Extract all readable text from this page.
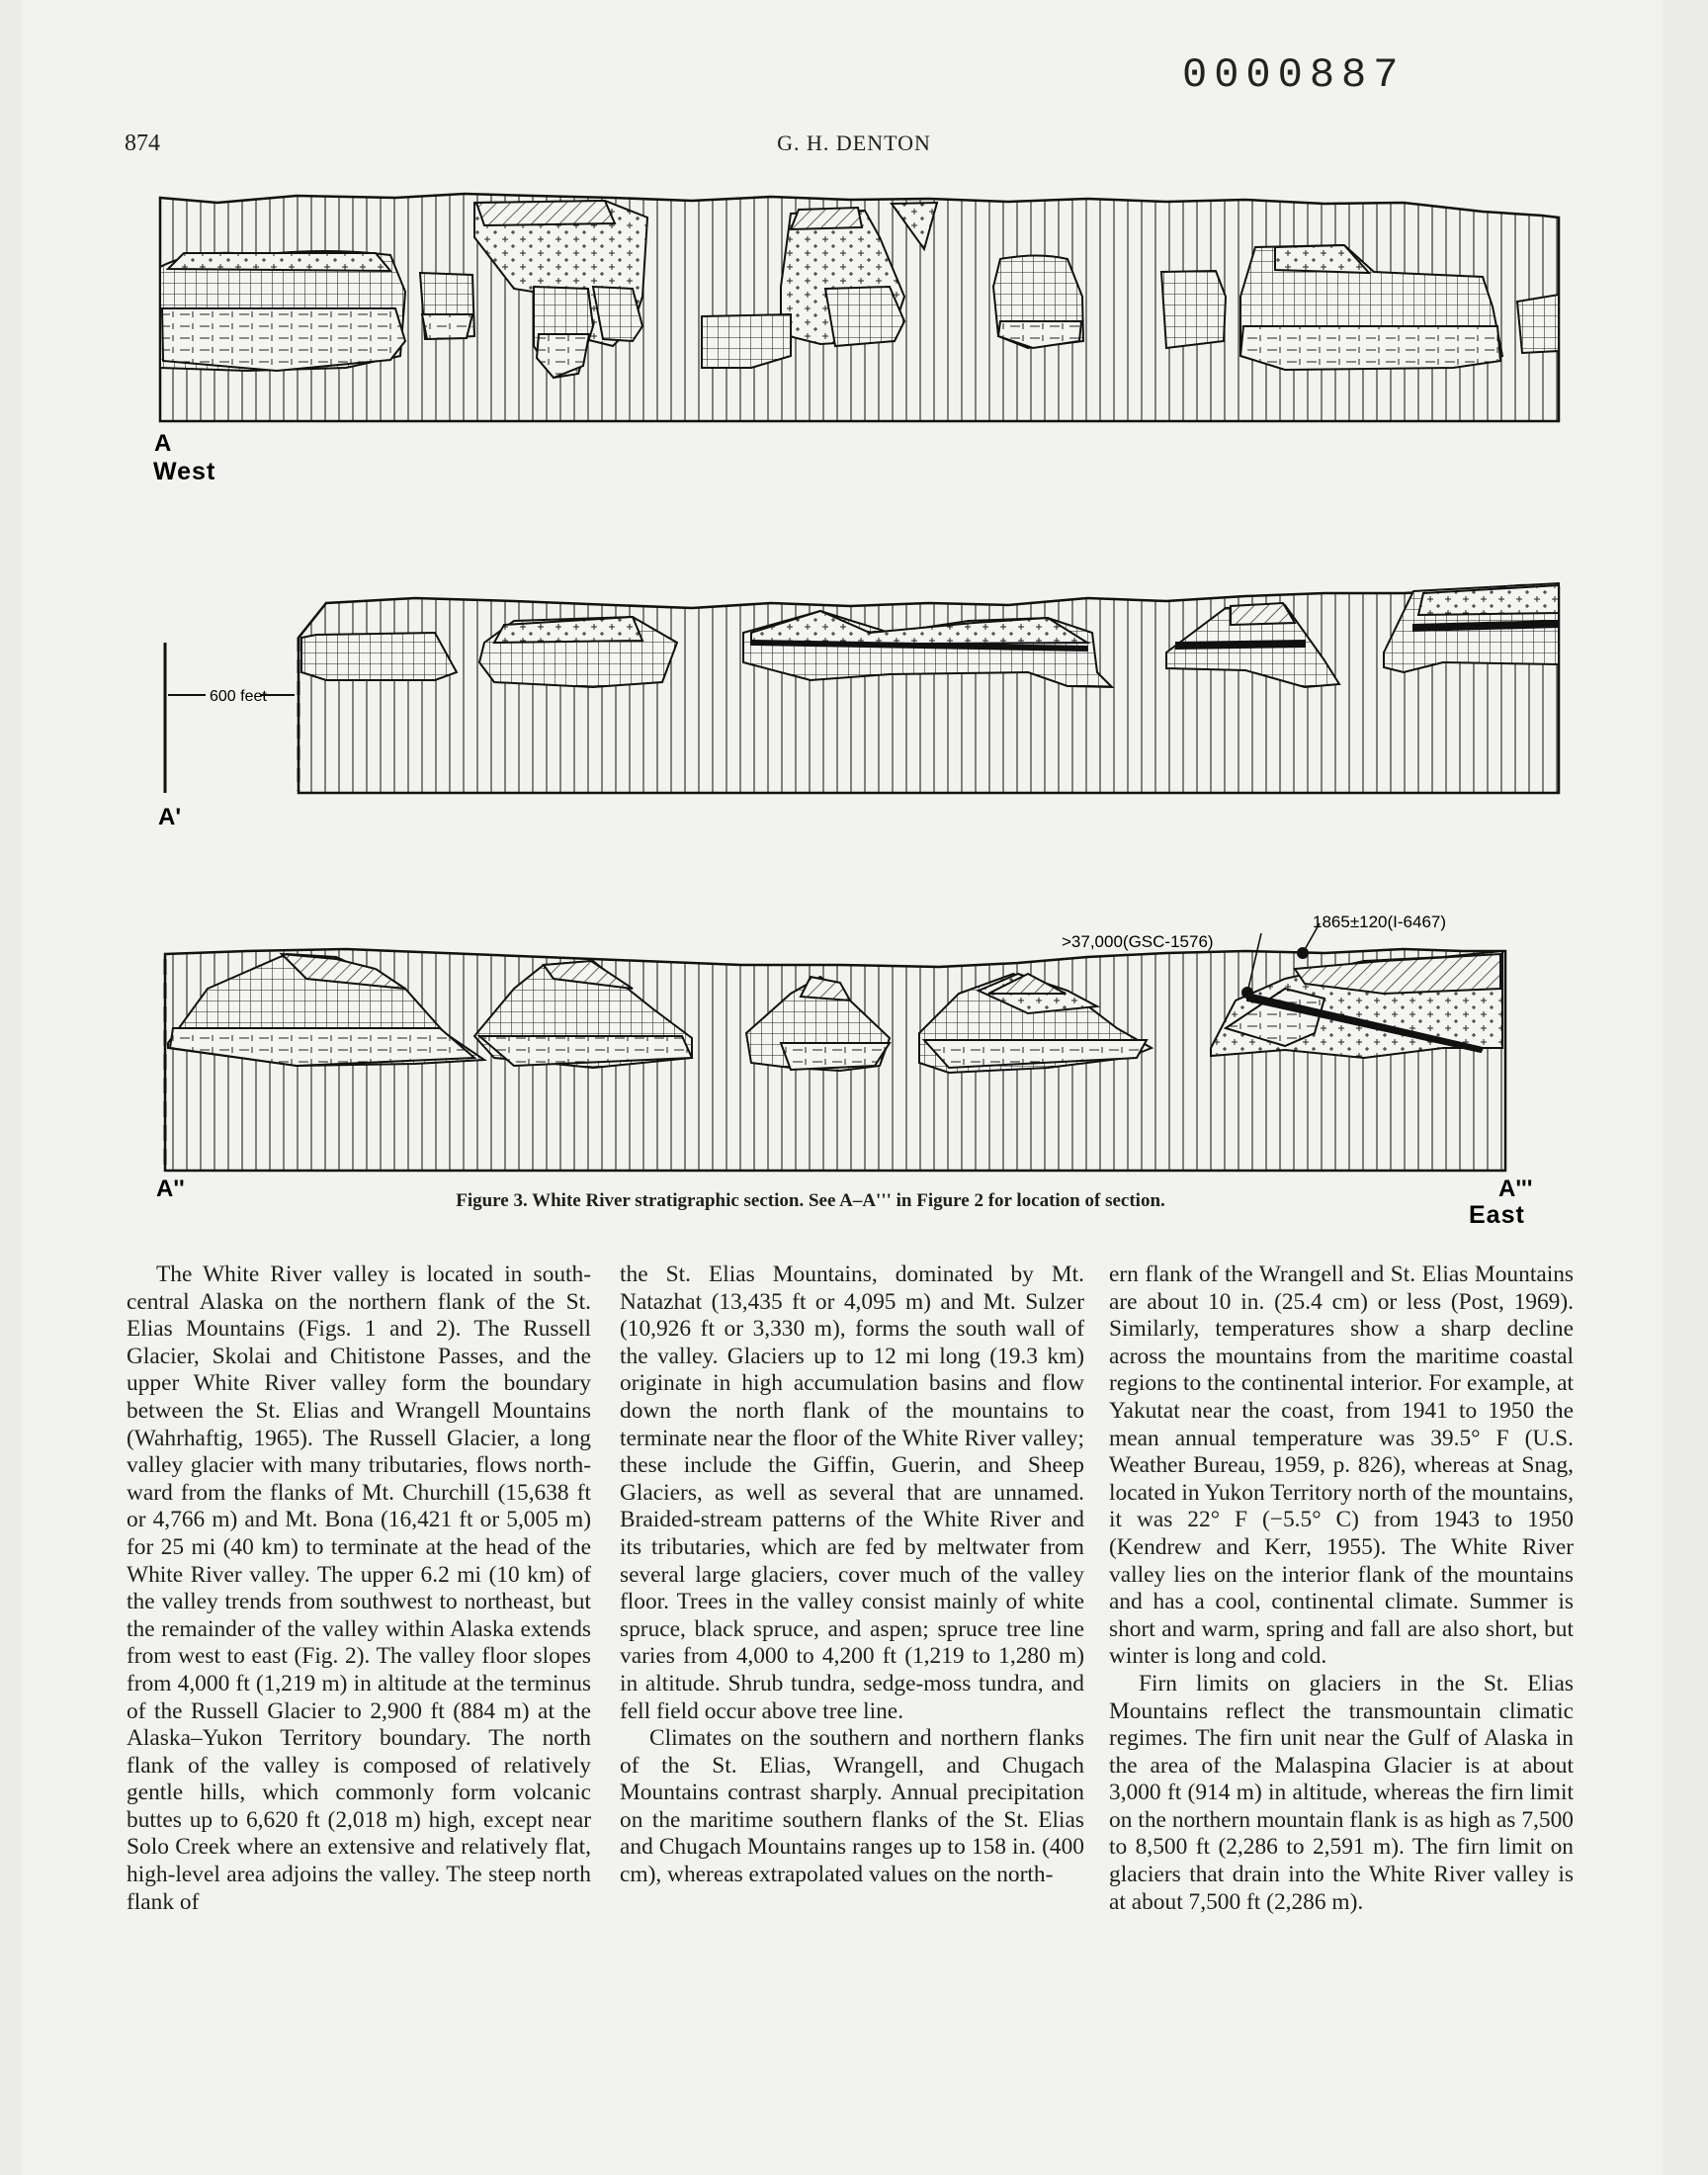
0000887
874	G. H. DENTON
A
West
600 feet
A'
>37,000(GSC-1576)
1865±120(I-6467)
A''	A'''
East
Figure 3. White River stratigraphic section. See A–A''' in Figure 2 for location of section.

The White River valley is located in south-central Alaska on the northern flank of the St. Elias Mountains (Figs. 1 and 2). The Russell Glacier, Skolai and Chitistone Passes, and the upper White River valley form the boundary between the St. Elias and Wrangell Mountains (Wahrhaftig, 1965). The Russell Glacier, a long valley glacier with many tributaries, flows northward from the flanks of Mt. Churchill (15,638 ft or 4,766 m) and Mt. Bona (16,421 ft or 5,005 m) for 25 mi (40 km) to terminate at the head of the White River valley. The upper 6.2 mi (10 km) of the valley trends from southwest to northeast, but the remainder of the valley within Alaska extends from west to east (Fig. 2). The valley floor slopes from 4,000 ft (1,219 m) in altitude at the terminus of the Russell Glacier to 2,900 ft (884 m) at the Alaska–Yukon Territory boundary. The north flank of the valley is composed of relatively gentle hills, which commonly form volcanic buttes up to 6,620 ft (2,018 m) high, except near Solo Creek where an extensive and relatively flat, high-level area adjoins the valley. The steep north flank of

the St. Elias Mountains, dominated by Mt. Natazhat (13,435 ft or 4,095 m) and Mt. Sulzer (10,926 ft or 3,330 m), forms the south wall of the valley. Glaciers up to 12 mi long (19.3 km) originate in high accumulation basins and flow down the north flank of the mountains to terminate near the floor of the White River valley; these include the Giffin, Guerin, and Sheep Glaciers, as well as several that are unnamed. Braided-stream patterns of the White River and its tributaries, which are fed by meltwater from several large glaciers, cover much of the valley floor. Trees in the valley consist mainly of white spruce, black spruce, and aspen; spruce tree line varies from 4,000 to 4,200 ft (1,219 to 1,280 m) in altitude. Shrub tundra, sedge-moss tundra, and fell field occur above tree line.

Climates on the southern and northern flanks of the St. Elias, Wrangell, and Chugach Mountains contrast sharply. Annual precipitation on the maritime southern flanks of the St. Elias and Chugach Mountains ranges up to 158 in. (400 cm), whereas extrapolated values on the north-

ern flank of the Wrangell and St. Elias Mountains are about 10 in. (25.4 cm) or less (Post, 1969). Similarly, temperatures show a sharp decline across the mountains from the maritime coastal regions to the continental interior. For example, at Yakutat near the coast, from 1941 to 1950 the mean annual temperature was 39.5° F (U.S. Weather Bureau, 1959, p. 826), whereas at Snag, located in Yukon Territory north of the mountains, it was 22° F (−5.5° C) from 1943 to 1950 (Kendrew and Kerr, 1955). The White River valley lies on the interior flank of the mountains and has a cool, continental climate. Summer is short and warm, spring and fall are also short, but winter is long and cold.

Firn limits on glaciers in the St. Elias Mountains reflect the transmountain climatic regimes. The firn unit near the Gulf of Alaska in the area of the Malaspina Glacier is at about 3,000 ft (914 m) in altitude, whereas the firn limit on the northern mountain flank is as high as 7,500 to 8,500 ft (2,286 to 2,591 m). The firn limit on glaciers that drain into the White River valley is at about 7,500 ft (2,286 m).
